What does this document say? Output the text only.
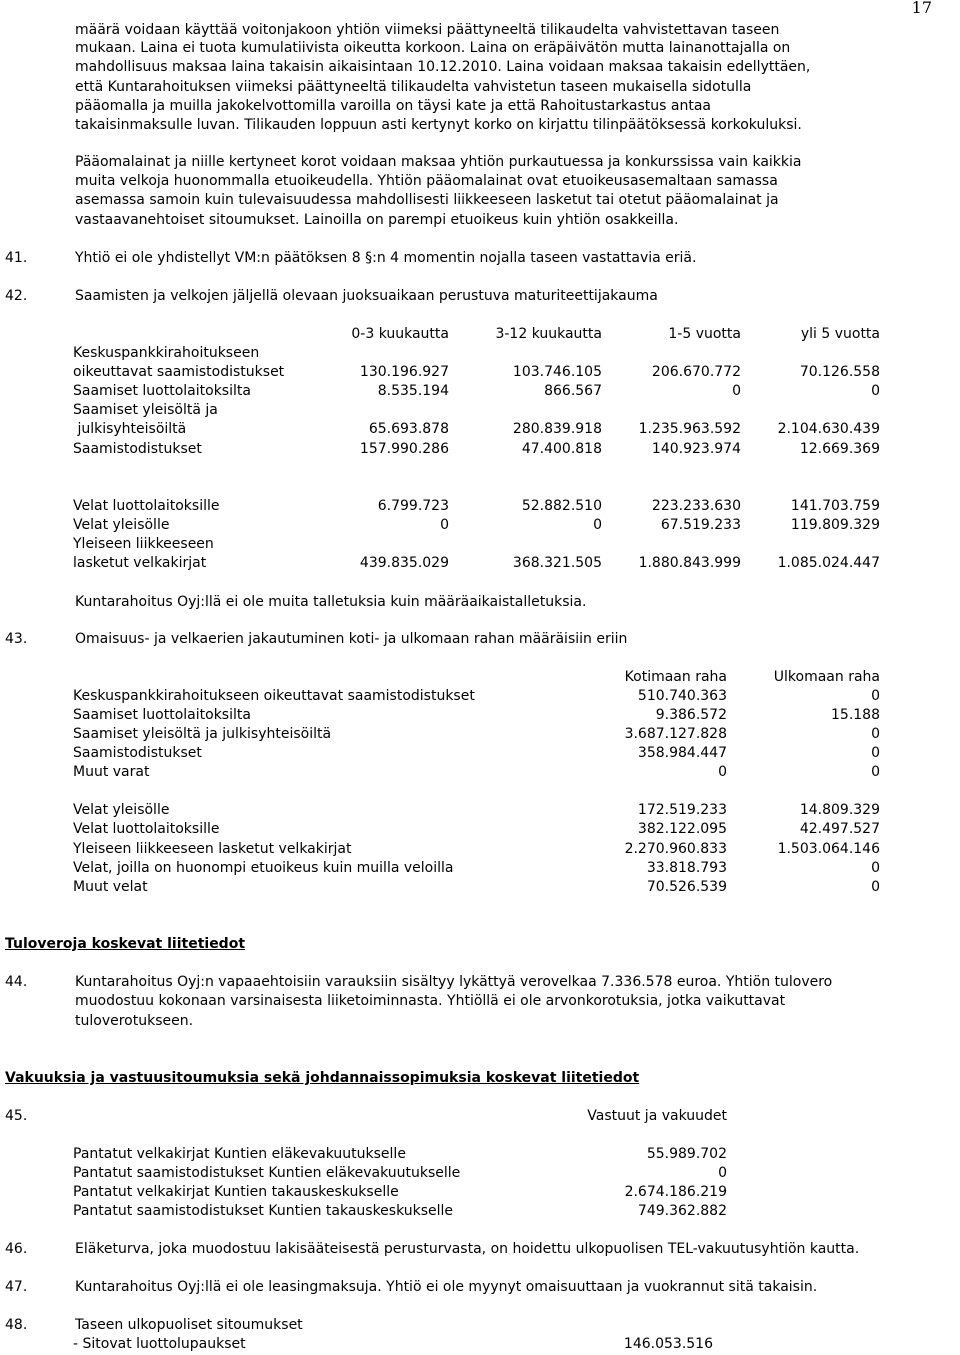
17
määrä voidaan käyttää voitonjakoon yhtiön viimeksi päättyneeltä tilikaudelta vahvistettavan taseen
mukaan. Laina ei tuota kumulatiivista oikeutta korkoon. Laina on eräpäivätön mutta lainanottajalla on
mahdollisuus maksaa laina takaisin aikaisintaan 10.12.2010. Laina voidaan maksaa takaisin edellyttäen,
että Kuntarahoituksen viimeksi päättyneeltä tilikaudelta vahvistetun taseen mukaisella sidotulla
pääomalla ja muilla jakokelvottomilla varoilla on täysi kate ja että Rahoitustarkastus antaa
takaisinmaksulle luvan. Tilikauden loppuun asti kertynyt korko on kirjattu tilinpäätöksessä korkokuluksi.
Pääomalainat ja niille kertyneet korot voidaan maksaa yhtiön purkautuessa ja konkurssissa vain kaikkia
muita velkoja huonommalla etuoikeudella. Yhtiön pääomalainat ovat etuoikeusasemaltaan samassa
asemassa samoin kuin tulevaisuudessa mahdollisesti liikkeeseen lasketut tai otetut pääomalainat ja
vastaavanehtoiset sitoumukset. Lainoilla on parempi etuoikeus kuin yhtiön osakkeilla.
41.	Yhtiö ei ole yhdistellyt VM:n päätöksen 8 §:n 4 momentin nojalla taseen vastattavia eriä.
42.	Saamisten ja velkojen jäljellä olevaan juoksuaikaan perustuva maturiteettijakauma
0-3 kuukautta	3-12 kuukautta	1-5 vuotta	yli 5 vuotta
Keskuspankkirahoitukseen
oikeuttavat saamistodistukset	130.196.927	103.746.105	206.670.772	70.126.558
Saamiset luottolaitoksilta	8.535.194	866.567	0	0
Saamiset yleisöltä ja
julkisyhteisöiltä	65.693.878	280.839.918	1.235.963.592	2.104.630.439
Saamistodistukset	157.990.286	47.400.818	140.923.974	12.669.369
Velat luottolaitoksille	6.799.723	52.882.510	223.233.630	141.703.759
Velat yleisölle	0	0	67.519.233	119.809.329
Yleiseen liikkeeseen
lasketut velkakirjat	439.835.029	368.321.505	1.880.843.999	1.085.024.447
Kuntarahoitus Oyj:llä ei ole muita talletuksia kuin määräaikaistalletuksia.
43.	Omaisuus- ja velkaerien jakautuminen koti- ja ulkomaan rahan määräisiin eriin
Kotimaan raha	Ulkomaan raha
Keskuspankkirahoitukseen oikeuttavat saamistodistukset	510.740.363	0
Saamiset luottolaitoksilta	9.386.572	15.188
Saamiset yleisöltä ja julkisyhteisöiltä	3.687.127.828	0
Saamistodistukset	358.984.447	0
Muut varat	0	0
Velat yleisölle	172.519.233	14.809.329
Velat luottolaitoksille	382.122.095	42.497.527
Yleiseen liikkeeseen lasketut velkakirjat	2.270.960.833	1.503.064.146
Velat, joilla on huonompi etuoikeus kuin muilla veloilla	33.818.793	0
Muut velat	70.526.539	0
Tuloveroja koskevat liitetiedot
44.	Kuntarahoitus Oyj:n vapaaehtoisiin varauksiin sisältyy lykättyä verovelkaa 7.336.578 euroa. Yhtiön tulovero
muodostuu kokonaan varsinaisesta liiketoiminnasta. Yhtiöllä ei ole arvonkorotuksia, jotka vaikuttavat
tuloverotukseen.
Vakuuksia ja vastuusitoumuksia sekä johdannaissopimuksia koskevat liitetiedot
45.	Vastuut ja vakuudet
Pantatut velkakirjat Kuntien eläkevakuutukselle	55.989.702
Pantatut saamistodistukset Kuntien eläkevakuutukselle	0
Pantatut velkakirjat Kuntien takauskeskukselle	2.674.186.219
Pantatut saamistodistukset Kuntien takauskeskukselle	749.362.882
46.	Eläketurva, joka muodostuu lakisääteisestä perusturvasta, on hoidettu ulkopuolisen TEL-vakuutusyhtiön kautta.
47.	Kuntarahoitus Oyj:llä ei ole leasingmaksuja. Yhtiö ei ole myynyt omaisuuttaan ja vuokrannut sitä takaisin.
48.	Taseen ulkopuoliset sitoumukset
- Sitovat luottolupaukset	146.053.516
